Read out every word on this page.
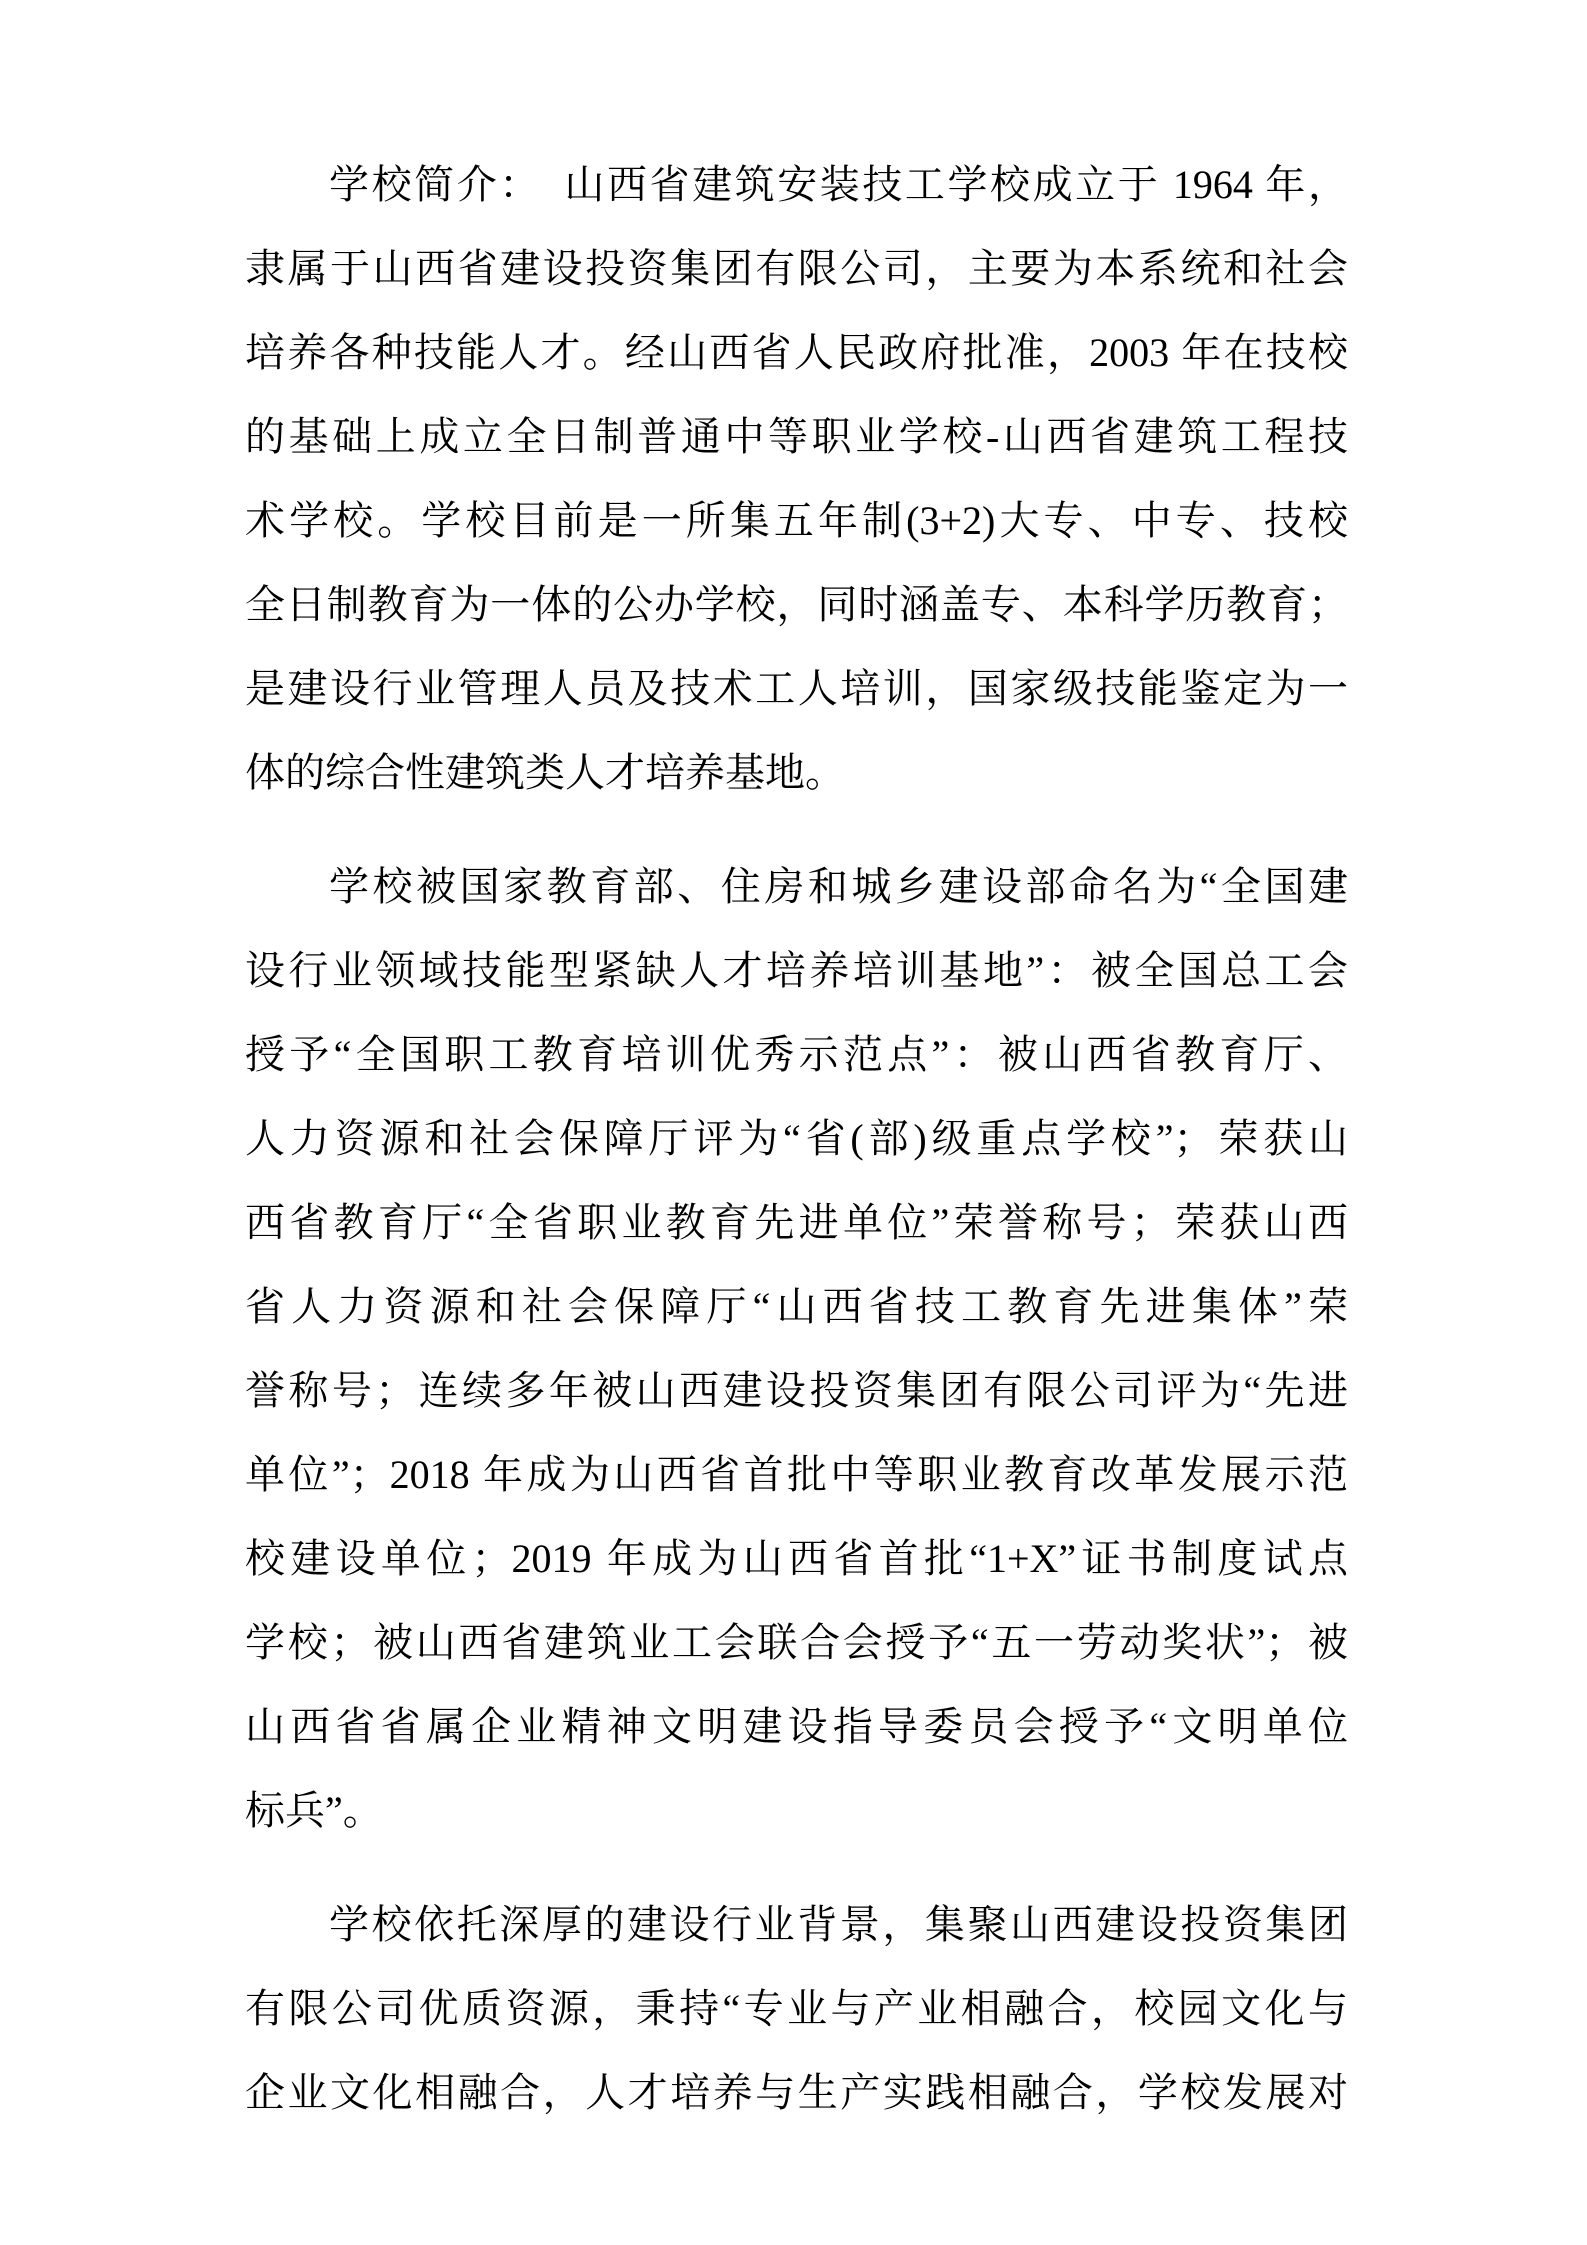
学校简介：　山西省建筑安装技工学校成立于 1964 年，
隶属于山西省建设投资集团有限公司，主要为本系统和社会
培养各种技能人才。经山西省人民政府批准，2003 年在技校
的基础上成立全日制普通中等职业学校-山西省建筑工程技
术学校。学校目前是一所集五年制(3+2)大专、中专、技校
全日制教育为一体的公办学校，同时涵盖专、本科学历教育；
是建设行业管理人员及技术工人培训，国家级技能鉴定为一
体的综合性建筑类人才培养基地。
学校被国家教育部、住房和城乡建设部命名为“全国建
设行业领域技能型紧缺人才培养培训基地”：被全国总工会
授予“全国职工教育培训优秀示范点”：被山西省教育厅、
人力资源和社会保障厅评为“省(部)级重点学校”；荣获山
西省教育厅“全省职业教育先进单位”荣誉称号；荣获山西
省人力资源和社会保障厅“山西省技工教育先进集体”荣
誉称号；连续多年被山西建设投资集团有限公司评为“先进
单位”；2018 年成为山西省首批中等职业教育改革发展示范
校建设单位；2019 年成为山西省首批“1+X”证书制度试点
学校；被山西省建筑业工会联合会授予“五一劳动奖状”；被
山西省省属企业精神文明建设指导委员会授予“文明单位
标兵”。
学校依托深厚的建设行业背景，集聚山西建设投资集团
有限公司优质资源，秉持“专业与产业相融合，校园文化与
企业文化相融合，人才培养与生产实践相融合，学校发展对
